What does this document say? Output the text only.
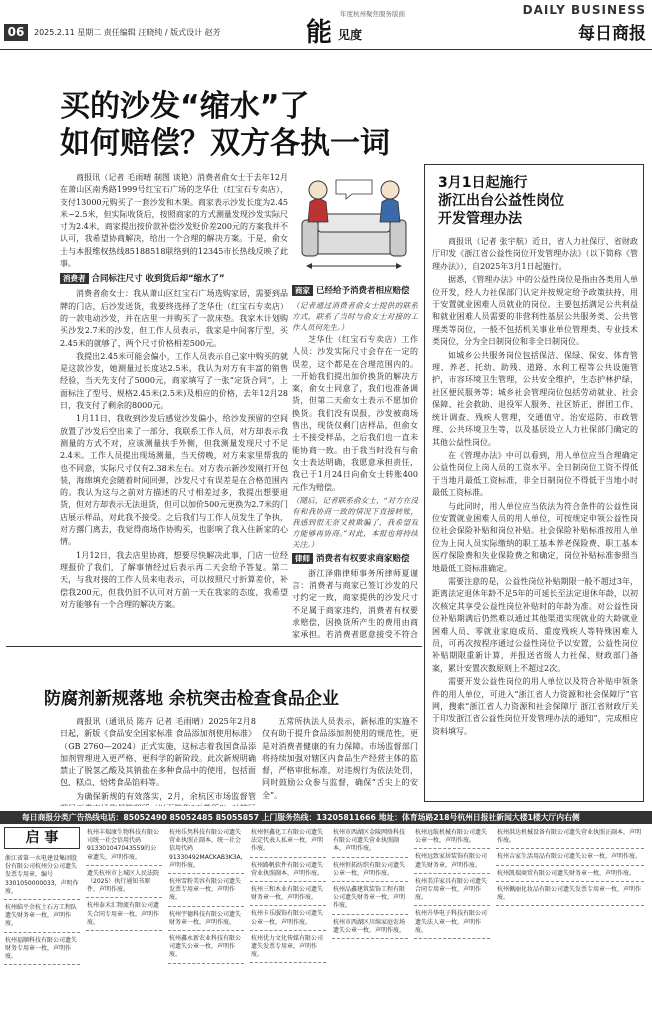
06	2025.2.11 星期二 责任编辑 汪晓纯 / 版式设计 赵芳
年度杭州聚焦服务版面
能 见度
DAILY BUSINESS
每日商报
买的沙发“缩水”了
如何赔偿？双方各执一词

商报讯（记者 毛雨晴 制图 谈艳）消费者俞女士于去年12月在萧山区南秀路1999号红宝石广场的芝华仕（红宝石专卖店），支付13000元购买了一套沙发和木架。商家表示沙发长度为2.45米~2.5米，但实际收货后，按照商家的方式测量发现沙发实际尺寸为2.4米，商家提出按价款补偿沙发贬价差200元的方案我并不认可，我希望协商解决，给出一个合理的解决方案。于是，俞女士与本报维权热线85188518联络到的12345市长热线反映了此事。

消费者 合同标注尺寸 收到货后却“缩水了”

消费者俞女士：我从萧山区红宝石广场选购家居，需要到品牌的门店，后沙发送货，我要终选择了芝华仕（红宝石专卖店）的一款电动沙发，并在店里一并购买了一款床垫。我家木计划购买沙发2.7米的沙发，但工作人员表示，我家是中间客厅型，买2.45米的就够了，两个尺寸价格相差500元。

我提出2.45米可能会偏小，工作人员表示自己家中购买的就是这款沙发，她测量过长度达2.5米，我认为对方有丰富的销售经验，当天先支付了5000元，商家填写了一张“定货合同”，上面标注了型号、规格2.45米(2.5米)及相应的价格，去年12月28日，我支付了剩余的8000元。

1月11日，我收到沙发后感觉沙发偏小，给沙发预留的空间放置了沙发后空出来了一部分，我联系工作人员，对方却表示我测量的方式不对，应该测量扶手外侧，但我测量发现尺寸不足2.4米。工作人员提出现场测量，当天傍晚，对方来家里帮我的也不同意，实际尺寸仅有2.38米左右。对方表示新沙发刚打开包装，海绵填充会随着时间回弹，沙发尺寸有误差是在合格范围内的。我认为这与之前对方描述的尺寸相差过多，我提出想要退货，但对方却表示无法退货，但可以加价500元更换为2.7米的门店展示样品，对此我不接受。之后我们与工作人员发生了争执，对方撂门离去，我觉得商场作协购买，也影响了我入住新家的心情。

1月12日，我去店里协商，想要尽快解决此事，门店一位经理报价了我们，了解事情经过后表示再二天会给予答复。第二天，与我对接的工作人员来电表示，可以按照尺寸折算差价，补偿我200元，但我仍旧不认可对方前一天在我家的态度，我希望对方能够有一个合理的解决方案。

商家 已经给予消费者相应赔偿

（记者通过消费者俞女士提供的联系方式，联系了当时与俞女士对接的工作人员何先生。）

芝华仕（红宝石专卖店）工作人员：沙发实际尺寸会存在一定的误差，这个都是在合理范围内的。一开始我们提出加价换货的解决方案，俞女士同意了，我们也准备调货，但第二天俞女士表示不愿加价换货。我们没有误报，沙发被商场售出，现货仅剩门店样品，但俞女士不接受样品，之后我们也一直未能协商一致。由于我当时没有与俞女士表达明确，我愿意承担责任，我已于1月24日向俞女士转账400元作为赔偿。

（随后，记者联系俞女士，“对方在没有和我协商一致的情况下直接转账，我感到很无奈又被欺骗了，我希望双方能够再协商。”对此，本报也将持续关注。）

律师 消费者有权要求商家赔偿

浙江泽鼎律师事务所律师夏谨言：消费者与商家已签订沙发的尺寸约定一致，商家提供的沙发尺寸不足属于商家违约，消费者有权要求赔偿，因换货所产生的费用由商家承担。若消费者愿意接受不符合

3月1日起施行
浙江出台公益性岗位
开发管理办法

商报讯（记者 张宇航）近日，省人力社保厅、省财政厅印发《浙江省公益性岗位开发管理办法》（以下简称《管理办法》），自2025年3月1日起施行。

据悉，《管理办法》中的公益性岗位是指由各类用人单位开发，经人力社保部门认定并按规定给予政策扶持，用于安置就业困难人员就业的岗位。主要包括满足公共利益和就业困难人员需要的非营利性基层公共服务类、公共管理类等岗位，一般不包括机关事业单位管理类、专业技术类岗位，分为全日制岗位和非全日制岗位。

如城乡公共服务岗位包括保洁、保绿、保安、体育管理、养老、托幼、助残、道路、水利工程等公共设施管护，市容环境卫生管理，公共安全维护，生态护林护绿，社区便民服务等；城乡社会管理岗位包括劳动就业、社会保障、社会救助、退役军人服务、社区矫正、群团工作、统计调查、残疾人管理，交通值守、治安巡防、市政管理、公共环境卫生等，以及基层设立人力社保部门确定的其他公益性岗位。

在《管理办法》中可以看到，用人单位应当合理确定公益性岗位上岗人员的工资水平。全日制岗位工资不得低于当地月最低工资标准，非全日制岗位不得低于当地小时最低工资标准。

与此同时，用人单位应当依法为符合条件的公益性岗位安置就业困难人员的用人单位，可按规定申领公益性岗位社会保险补贴和岗位补贴。社会保险补贴标准按用人单位为上岗人员实际缴纳的职工基本养老保险费、职工基本医疗保险费和失业保险费之和确定，岗位补贴标准参照当地最低工资标准确定。

需要注意的是，公益性岗位补贴期限一般不超过3年，距离法定退休年龄不足5年的可延长至法定退休年龄，以初次核定其享受公益性岗位补贴时的年龄为准。对公益性岗位补贴期满后仍然难以通过其他渠道实现就业的大龄就业困难人员、零就业家庭成员、重度残疾人等特殊困难人员，可再次按程序通过公益性岗位予以安置，公益性岗位补贴期限重新计算，并报送省级人力社保、财政部门备案，累计安置次数原则上不超过2次。

需要开发公益性岗位的用人单位以及符合补贴申领条件的用人单位，可进入“浙江省人力资源和社会保障厅”官网，搜索“浙江省人力资源和社会保障厅 浙江省财政厅关于印发浙江省公益性岗位开发管理办法的通知”，完成相应资料填写。

防腐剂新规落地 余杭突击检查食品企业

商报讯（通讯员 陈卉 记者 毛雨晴）2025年2月8日起，新版《食品安全国家标准 食品添加剂使用标准》（GB 2760—2024）正式实施，这标志着我国食品添加剂管理进入更严格、更科学的新阶段。此次新规明确禁止了脱氢乙酸及其钠盐在多种食品中的使用，包括面包、糕点、焙烤食品馅料等。

为确保新规的有效落实，2月，余杭区市场监督管

五常所执法人员表示，新标准的实施不仅有助于提升食品添加剂使用的规范性，更是对消费者健康的有力保障。市场监督部门将持续加强对辖区内食品生产经营主体的监督，严格审批标准，对违规行为依法处罚，同时鼓励公众参与监督，确保“舌尖上的安全”。

每日商报分类广告热线电话：85052490 85052485 85055857 上门服务热线：13205811666 地址：体育场路218号杭州日报社新闻大楼1楼大厅内右侧
启 事
浙江省第一水电建设集团股份有限公司杭州分公司遗失发票专用章，编号3301050000033，声明作废。
杭州临平余杭土石方工程队遗失财务章一枚，声明作废。
杭州福顺科技有限公司遗失财务专用章一枚，声明作废。
杭州丰瑞康生物科技有限公司统一社会信用代码913301047043559的公章遗失，声明作废。
遗失杭州市上城区人民法院（2025）执行通知书原件，声明作废。
杭州泰禾汇物流有限公司遗失合同专用章一枚，声明作废。
杭州乐隽科技有限公司遗失营业执照正副本，统一社会信用代码91330492MACKAB3K3A，声明作废。
杭州雪粉美容有限公司遗失发票专用章一枚，声明作废。
杭州宇德科技有限公司遗失财务章一枚，声明作废。
杭州鑫永新农业科技有限公司遗失公章一枚，声明作废。
杭州恒鑫化工有限公司遗失法定代表人私章一枚，声明作废。
杭州路帆软件有限公司遗失营业执照副本，声明作废。
杭州三和木业有限公司遗失财务章一枚，声明作废。
杭州卡乐服饰有限公司遗失公章一枚，声明作废。
杭州优力文化传媒有限公司遗失发票专用章，声明作废。
杭州市西湖区金陵网络科技有限公司遗失营业执照副本，声明作废。
杭州恒拓纺织有限公司遗失公章一枚，声明作废。
杭州品鑫建筑装饰工程有限公司遗失财务章一枚，声明作废。
杭州市西湖区川绵家庭农场遗失公章一枚，声明作废。
杭州远航机械有限公司遗失公章一枚，声明作废。
杭州远致家居装饰有限公司遗失财务章，声明作废。
杭州美洋家具有限公司遗失合同专用章一枚，声明作废。
杭州升华电子科技有限公司遗失法人章一枚，声明作废。
杭州洪达机械设备有限公司遗失营业执照正副本，声明作废。
杭州吉家生活用品有限公司遗失公章一枚，声明作废。
杭州凯瑞商贸有限公司遗失财务章一枚，声明作废。
杭州佩丽化妆品有限公司遗失发票专用章一枚，声明作废。
